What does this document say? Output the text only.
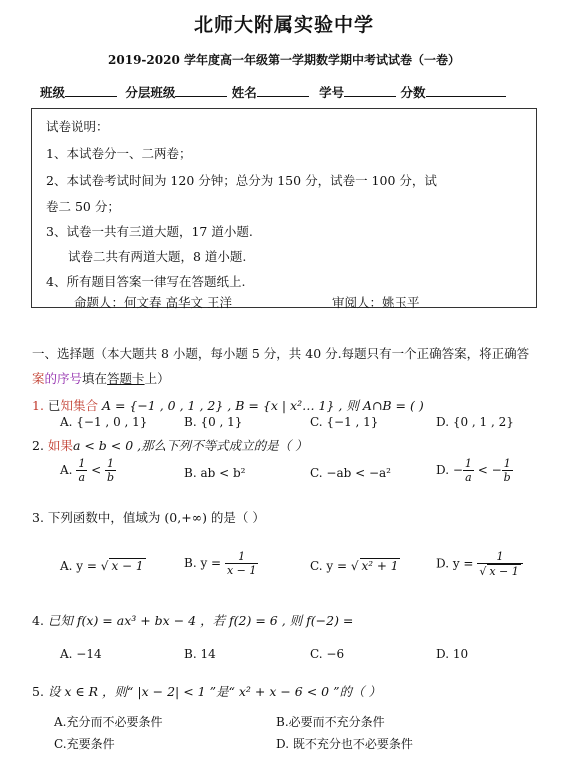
北师大附属实验中学
2019-2020 学年度高一年级第一学期数学期中考试试卷（一卷）
班级	分层班级	姓名	学号	分数
试卷说明：
1、本试卷分一、二两卷；
2、本试卷考试时间为 120 分钟；总分为 150 分，试卷一 100 分，试
卷二 50 分；
3、试卷一共有三道大题，17 道小题.
试卷二共有两道大题，8 道小题.
4、所有题目答案一律写在答题纸上.
命题人：何文春 高华文 王洋	审阅人：姚玉平
一、选择题（本大题共 8 小题，每小题 5 分，共 40 分.每题只有一个正确答案，将正确答
案的序号填在答题卡上）
1. 已知集合 A = {−1 , 0 , 1 , 2} , B = {x | x²… 1} , 则 A∩B = ( )
A. {−1 , 0 , 1}	B. {0 , 1}	C. {−1 , 1}	D. {0 , 1 , 2}
2. 如果a < b < 0 ,那么下列不等式成立的是（ ）
A. $\frac{1}{a} < \frac{1}{b}$	B. ab < b²	C. −ab < −a²	D. − $\frac{1}{a}$ < − $\frac{1}{b}$
3. 下列函数中，值域为 (0,+∞) 的是（ ）
A. y = √ x − 1	B. $y = \frac{1}{x - 1}$	C. y = √ x² + 1	D. $y = \frac{1}{√ x - 1}$
4. 已知 f(x) = ax³ + bx − 4 ，若 f(2) = 6 , 则 f(−2) =
A. −14	B. 14	C. −6	D. 10
5. 设 x ∈ R ，则“ |x − 2| < 1 ”是“ x² + x − 6 < 0 ”的（ ）
A.充分而不必要条件	B.必要而不充分条件
C.充要条件	D. 既不充分也不必要条件
